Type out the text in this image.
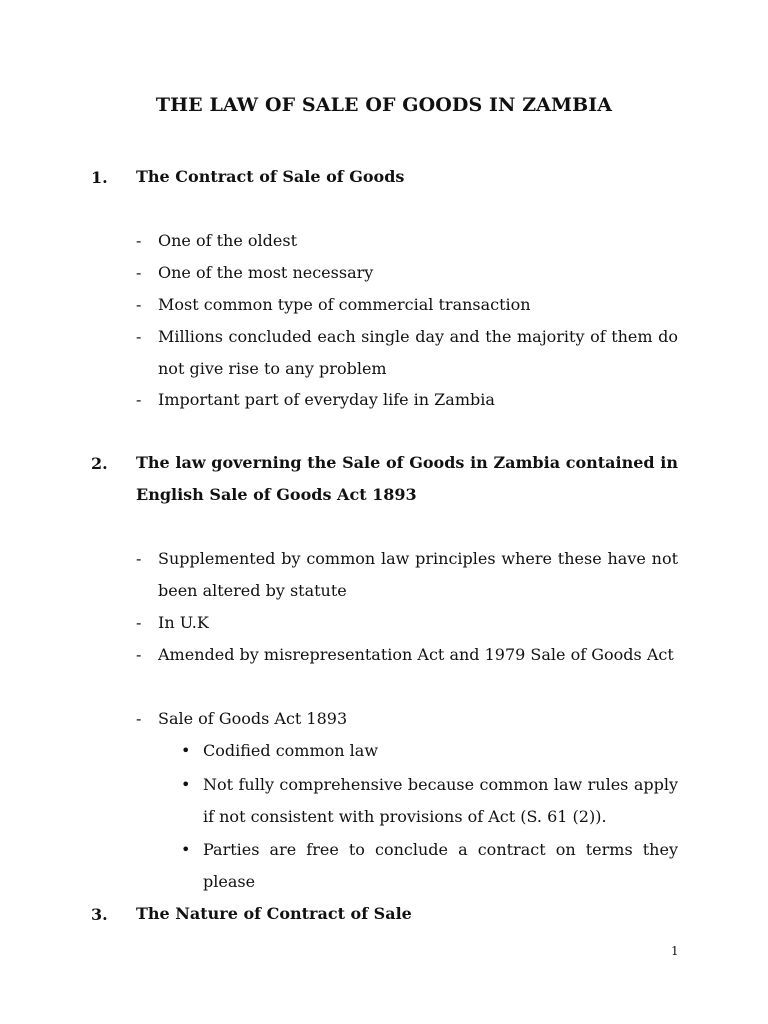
THE LAW OF SALE OF GOODS IN ZAMBIA
1. The Contract of Sale of Goods
- One of the oldest
- One of the most necessary
- Most common type of commercial transaction
- Millions concluded each single day and the majority of them do not give rise to any problem
- Important part of everyday life in Zambia
2. The law governing the Sale of Goods in Zambia contained in English Sale of Goods Act 1893
- Supplemented by common law principles where these have not been altered by statute
- In U.K
- Amended by misrepresentation Act and 1979 Sale of Goods Act
- Sale of Goods Act 1893
• Codified common law
• Not fully comprehensive because common law rules apply if not consistent with provisions of Act (S. 61 (2)).
• Parties are free to conclude a contract on terms they please
3. The Nature of Contract of Sale
1
